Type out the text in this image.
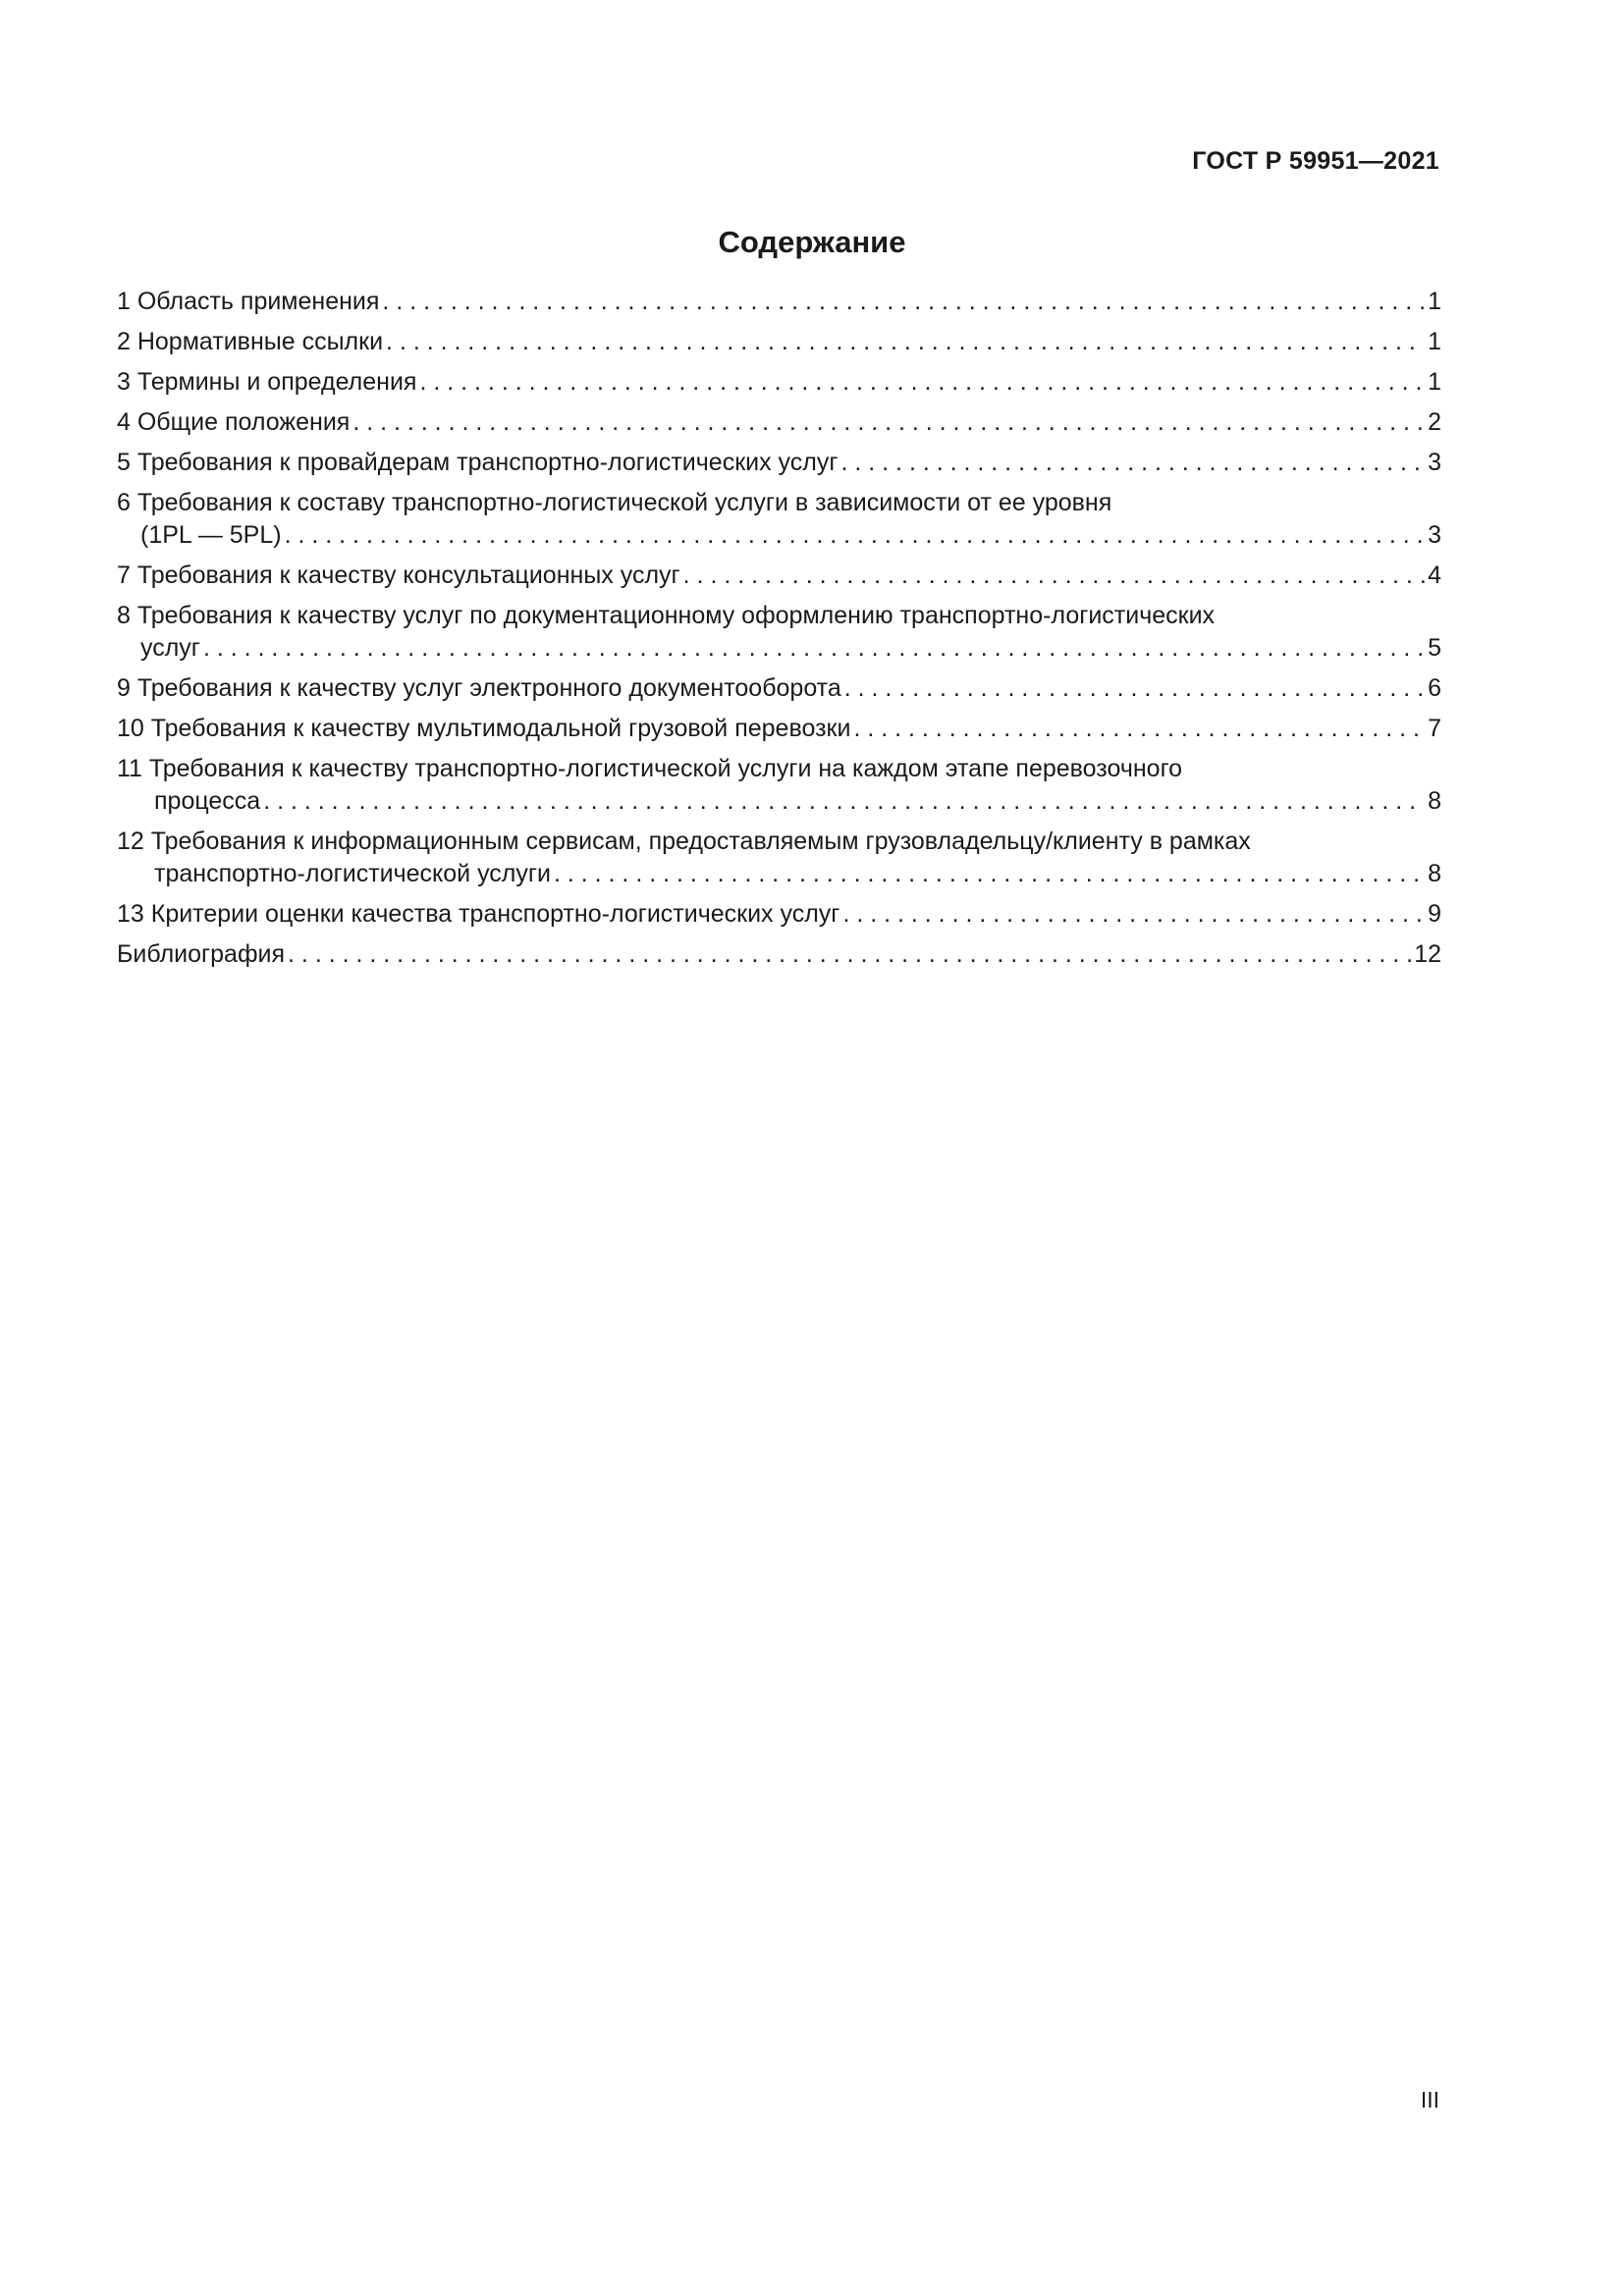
ГОСТ Р 59951—2021
Содержание
1 Область применения . . .	1
2 Нормативные ссылки . . .	1
3 Термины и определения . . .	1
4 Общие положения . . .	2
5 Требования к провайдерам транспортно-логистических услуг . . .	3
6 Требования к составу транспортно-логистической услуги в зависимости от ее уровня
(1PL — 5PL) . . .	3
7 Требования к качеству консультационных услуг . . .	4
8 Требования к качеству услуг по документационному оформлению транспортно-логистических
услуг . . .	5
9 Требования к качеству услуг электронного документооборота . . .	6
10 Требования к качеству мультимодальной грузовой перевозки . . .	7
11 Требования к качеству транспортно-логистической услуги на каждом этапе перевозочного
процесса . . .	8
12 Требования к информационным сервисам, предоставляемым грузовладельцу/клиенту в рамках
транспортно-логистической услуги . . .	8
13 Критерии оценки качества транспортно-логистических услуг . . .	9
Библиография . . .	12
III
